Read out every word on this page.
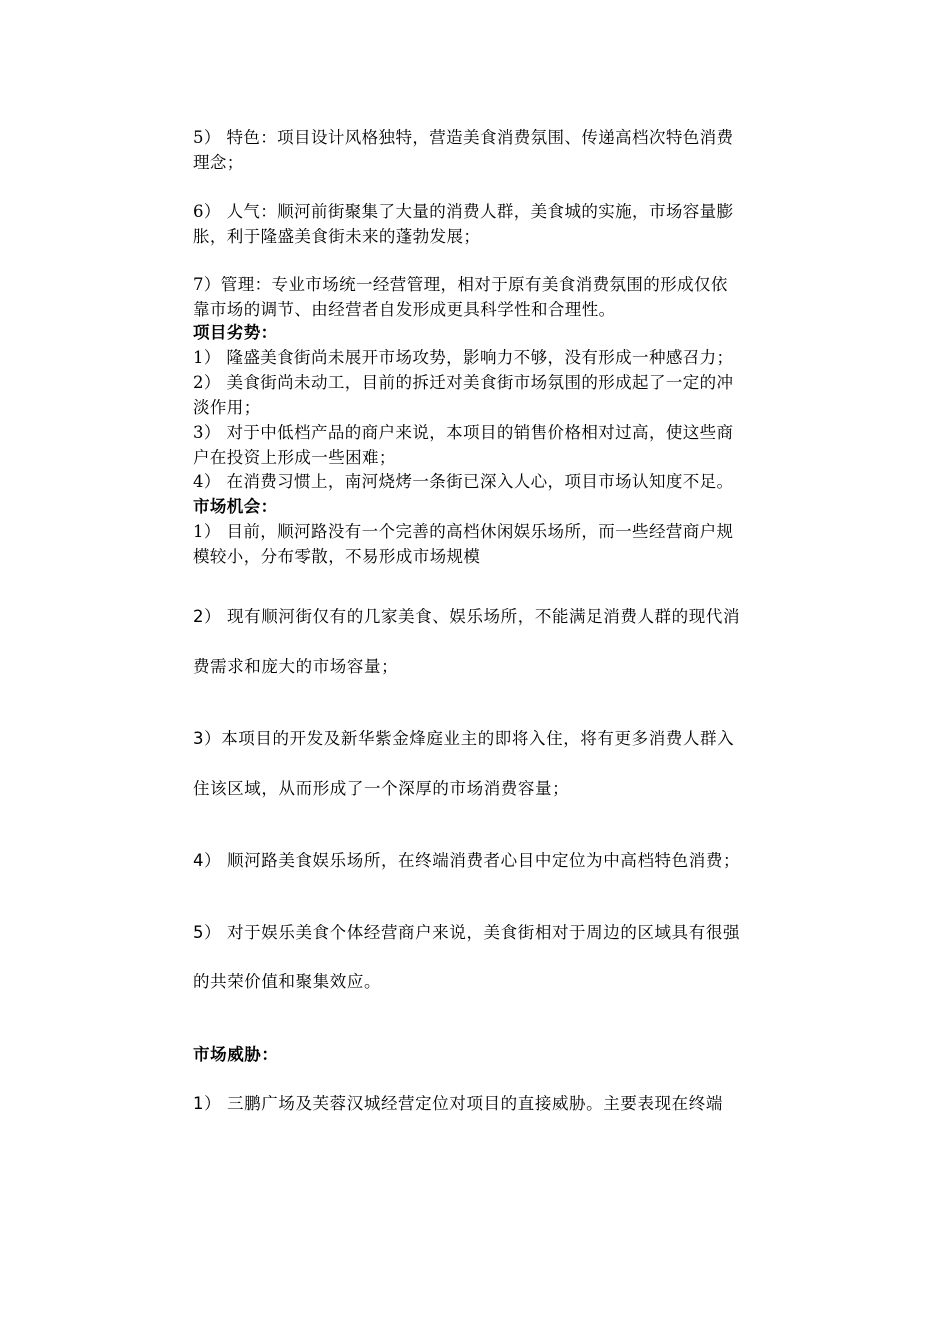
5） 特色：项目设计风格独特，营造美食消费氛围、传递高档次特色消费

理念；

6） 人气：顺河前街聚集了大量的消费人群，美食城的实施，市场容量膨

胀，利于隆盛美食街未来的蓬勃发展；

7）管理：专业市场统一经营管理，相对于原有美食消费氛围的形成仅依

靠市场的调节、由经营者自发形成更具科学性和合理性。

项目劣势：

1） 隆盛美食街尚未展开市场攻势，影响力不够，没有形成一种感召力；

2） 美食街尚未动工，目前的拆迁对美食街市场氛围的形成起了一定的冲

淡作用；

3） 对于中低档产品的商户来说，本项目的销售价格相对过高，使这些商

户在投资上形成一些困难；

4） 在消费习惯上，南河烧烤一条街已深入人心，项目市场认知度不足。

市场机会：

1） 目前，顺河路没有一个完善的高档休闲娱乐场所，而一些经营商户规

模较小，分布零散，不易形成市场规模

2） 现有顺河街仅有的几家美食、娱乐场所，不能满足消费人群的现代消

费需求和庞大的市场容量；

3）本项目的开发及新华紫金烽庭业主的即将入住，将有更多消费人群入

住该区域，从而形成了一个深厚的市场消费容量；

4） 顺河路美食娱乐场所，在终端消费者心目中定位为中高档特色消费；

5） 对于娱乐美食个体经营商户来说，美食街相对于周边的区域具有很强

的共荣价值和聚集效应。

市场威胁：

1） 三鹏广场及芙蓉汉城经营定位对项目的直接威胁。主要表现在终端
